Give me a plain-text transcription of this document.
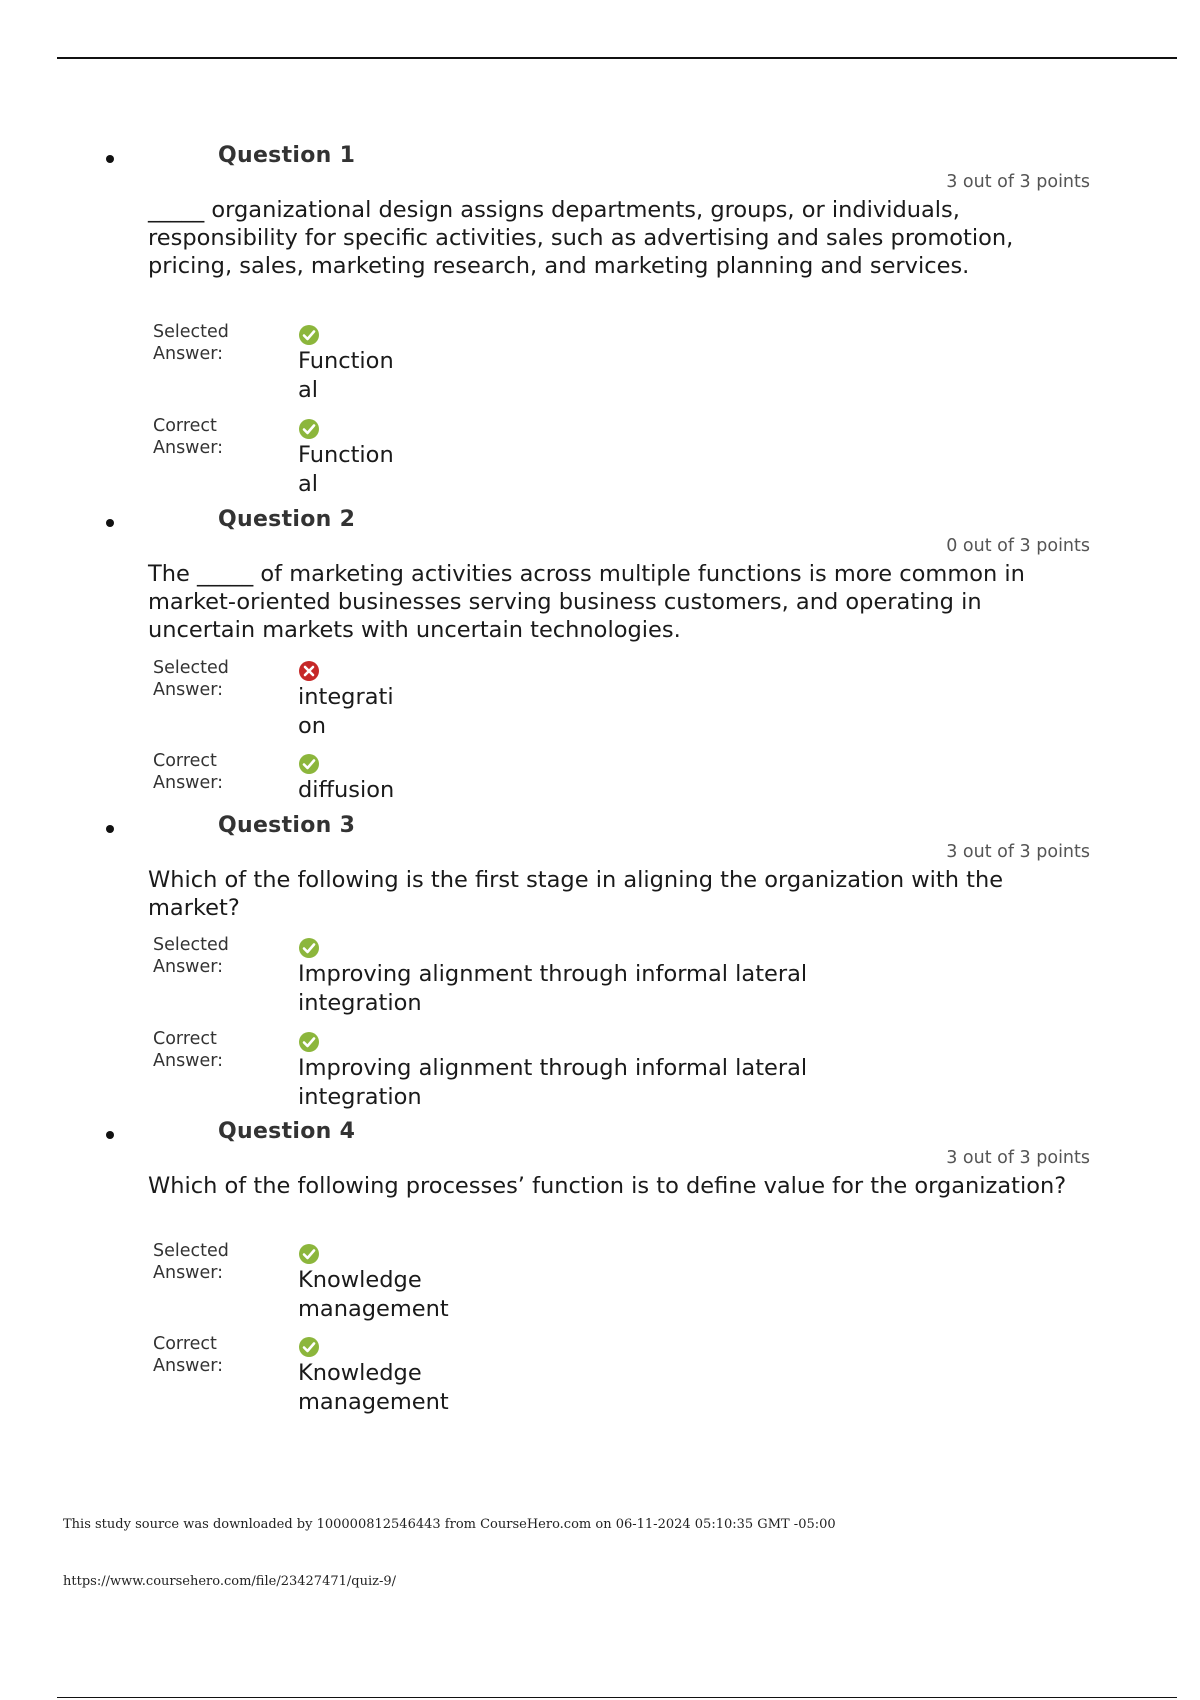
Question 1
3 out of 3 points
_____ organizational design assigns departments, groups, or individuals, responsibility for specific activities, such as advertising and sales promotion, pricing, sales, marketing research, and marketing planning and services.
Selected
Answer:	Function
al
Correct
Answer:	Function
al
Question 2
0 out of 3 points
The _____ of marketing activities across multiple functions is more common in market-oriented businesses serving business customers, and operating in uncertain markets with uncertain technologies.
Selected
Answer:	integrati
on
Correct
Answer:	diffusion
Question 3
3 out of 3 points
Which of the following is the first stage in aligning the organization with the market?
Selected
Answer:	Improving alignment through informal lateral
integration
Correct
Answer:	Improving alignment through informal lateral
integration
Question 4
3 out of 3 points
Which of the following processes’ function is to define value for the organization?
Selected
Answer:	Knowledge
management
Correct
Answer:	Knowledge
management
This study source was downloaded by 100000812546443 from CourseHero.com on 06-11-2024 05:10:35 GMT -05:00
https://www.coursehero.com/file/23427471/quiz-9/
